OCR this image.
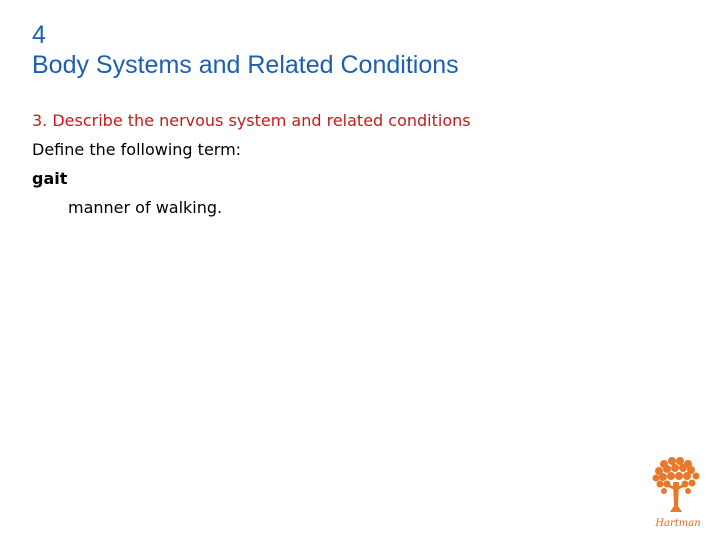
4
Body Systems and Related Conditions
3. Describe the nervous system and related conditions
Define the following term:
gait
manner of walking.
Hartman
